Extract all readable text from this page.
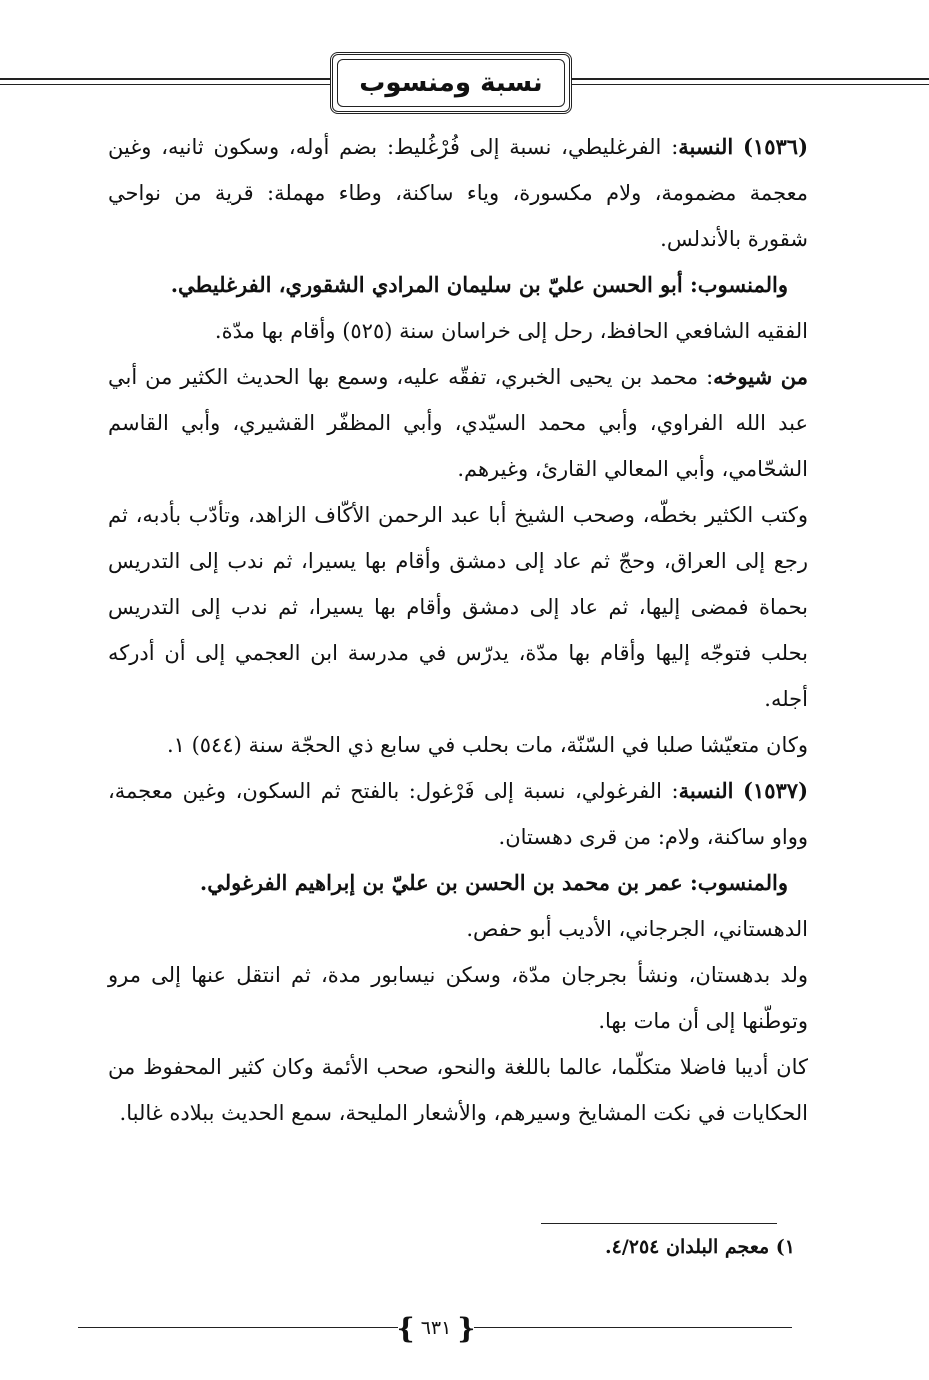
نسبة ومنسوب

(١٥٣٦) النسبة: الفرغليطي، نسبة إلى فُرْغُليط: بضم أوله، وسكون ثانيه، وغين معجمة مضمومة، ولام مكسورة، وياء ساكنة، وطاء مهملة: قرية من نواحي شقورة بالأندلس.

والمنسوب: أبو الحسن عليّ بن سليمان المرادي الشقوري، الفرغليطي.

الفقيه الشافعي الحافظ، رحل إلى خراسان سنة (٥٢٥) وأقام بها مدّة.

من شيوخه: محمد بن يحيى الخبري، تفقّه عليه، وسمع بها الحديث الكثير من أبي عبد الله الفراوي، وأبي محمد السيّدي، وأبي المظفّر القشيري، وأبي القاسم الشحّامي، وأبي المعالي القارئ، وغيرهم.

وكتب الكثير بخطّه، وصحب الشيخ أبا عبد الرحمن الأكّاف الزاهد، وتأدّب بأدبه، ثم رجع إلى العراق، وحجّ ثم عاد إلى دمشق وأقام بها يسيرا، ثم ندب إلى التدريس بحماة فمضى إليها، ثم عاد إلى دمشق وأقام بها يسيرا، ثم ندب إلى التدريس بحلب فتوجّه إليها وأقام بها مدّة، يدرّس في مدرسة ابن العجمي إلى أن أدركه أجله.

وكان متعيّشا صلبا في السّنّة، مات بحلب في سابع ذي الحجّة سنة (٥٤٤) ١.

(١٥٣٧) النسبة: الفرغولي، نسبة إلى فَرْغول: بالفتح ثم السكون، وغين معجمة، وواو ساكنة، ولام: من قرى دهستان.

والمنسوب: عمر بن محمد بن الحسن بن عليّ بن إبراهيم الفرغولي.

الدهستاني، الجرجاني، الأديب أبو حفص.

ولد بدهستان، ونشأ بجرجان مدّة، وسكن نيسابور مدة، ثم انتقل عنها إلى مرو وتوطّنها إلى أن مات بها.

كان أديبا فاضلا متكلّما، عالما باللغة والنحو، صحب الأئمة وكان كثير المحفوظ من الحكايات في نكت المشايخ وسيرهم، والأشعار المليحة، سمع الحديث ببلاده غالبا.

١) معجم البلدان ٤/٢٥٤.
{ ٦٣١ }
